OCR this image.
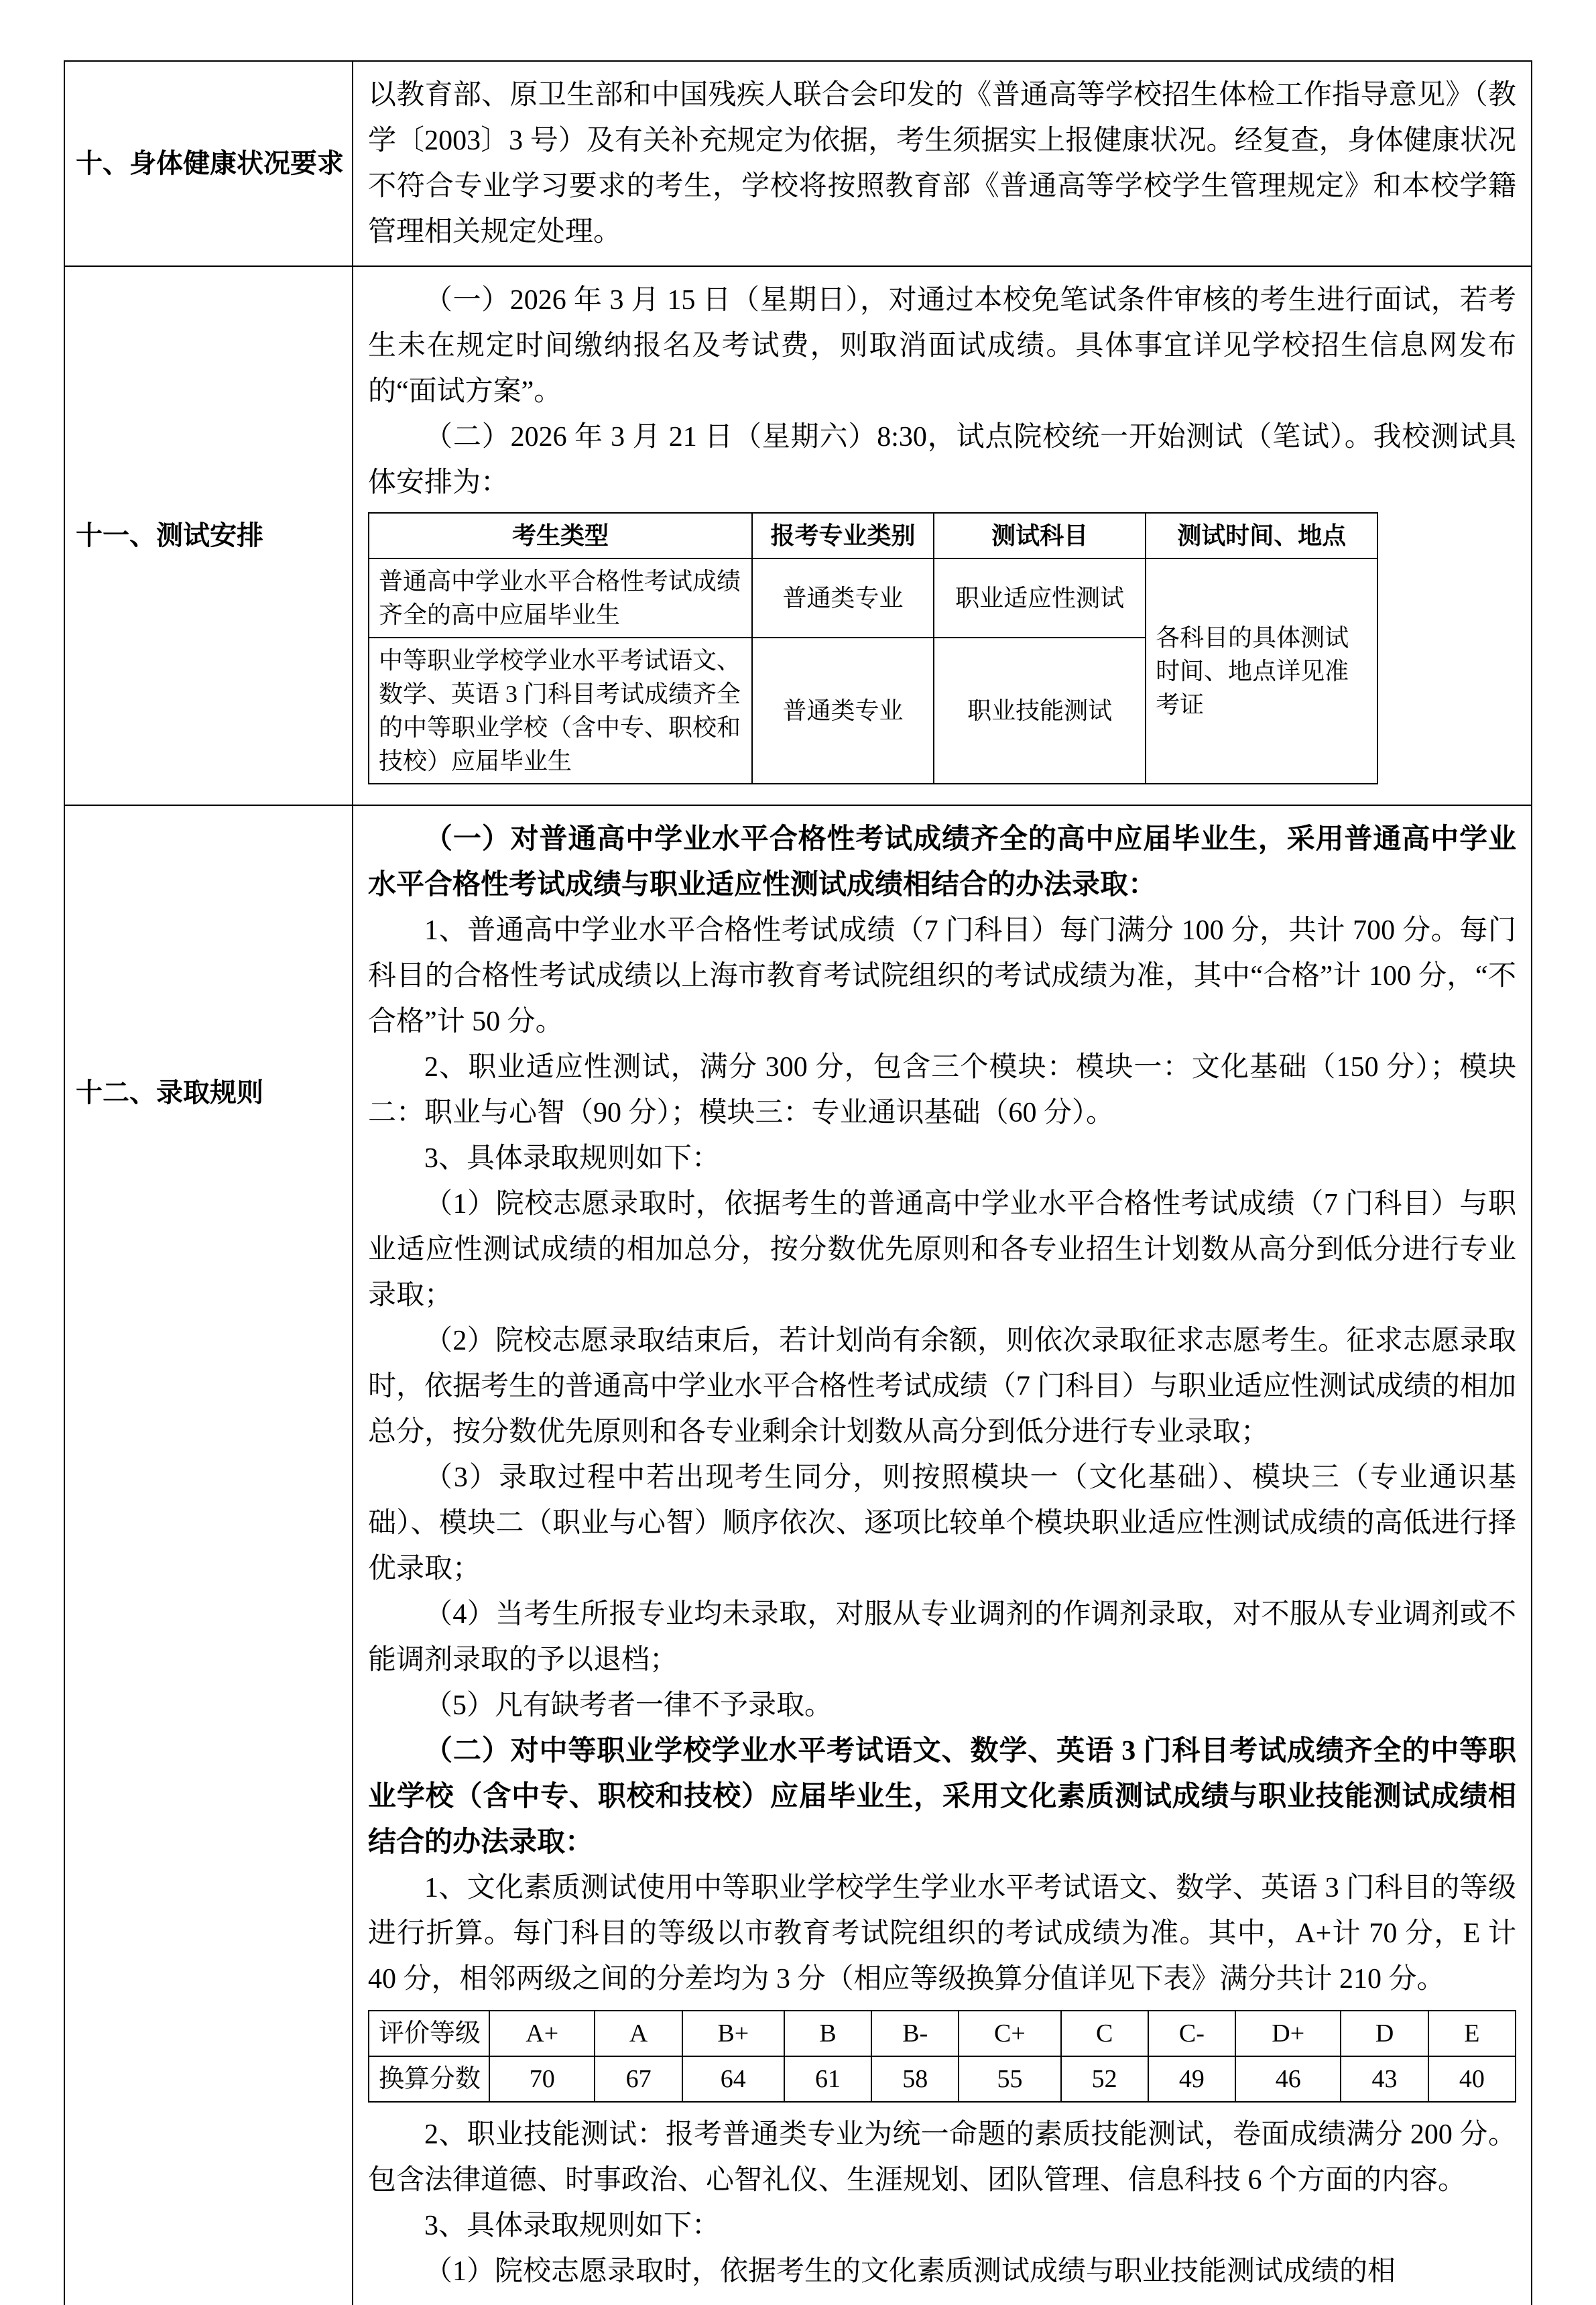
十、身体健康状况要求

以教育部、原卫生部和中国残疾人联合会印发的《普通高等学校招生体检工作指导意见》（教学〔2003〕3 号）及有关补充规定为依据，考生须据实上报健康状况。经复查，身体健康状况不符合专业学习要求的考生，学校将按照教育部《普通高等学校学生管理规定》和本校学籍管理相关规定处理。

十一、测试安排

（一）2026 年 3 月 15 日（星期日），对通过本校免笔试条件审核的考生进行面试，若考生未在规定时间缴纳报名及考试费，则取消面试成绩。具体事宜详见学校招生信息网发布的“面试方案”。

（二）2026 年 3 月 21 日（星期六）8:30，试点院校统一开始测试（笔试）。我校测试具体安排为：

考生类型	报考专业类别	测试科目	测试时间、地点
普通高中学业水平合格性考试成绩齐全的高中应届毕业生	普通类专业	职业适应性测试	各科目的具体测试时间、地点详见准考证
中等职业学校学业水平考试语文、数学、英语 3 门科目考试成绩齐全的中等职业学校（含中专、职校和技校）应届毕业生	普通类专业	职业技能测试	
十二、录取规则

（一）对普通高中学业水平合格性考试成绩齐全的高中应届毕业生，采用普通高中学业水平合格性考试成绩与职业适应性测试成绩相结合的办法录取：

1、普通高中学业水平合格性考试成绩（7 门科目）每门满分 100 分，共计 700 分。每门科目的合格性考试成绩以上海市教育考试院组织的考试成绩为准，其中“合格”计 100 分，“不合格”计 50 分。

2、职业适应性测试，满分 300 分，包含三个模块：模块一：文化基础（150 分）；模块二：职业与心智（90 分）；模块三：专业通识基础（60 分）。

3、具体录取规则如下：

（1）院校志愿录取时，依据考生的普通高中学业水平合格性考试成绩（7 门科目）与职业适应性测试成绩的相加总分，按分数优先原则和各专业招生计划数从高分到低分进行专业录取；

（2）院校志愿录取结束后，若计划尚有余额，则依次录取征求志愿考生。征求志愿录取时，依据考生的普通高中学业水平合格性考试成绩（7 门科目）与职业适应性测试成绩的相加总分，按分数优先原则和各专业剩余计划数从高分到低分进行专业录取；

（3）录取过程中若出现考生同分，则按照模块一（文化基础）、模块三（专业通识基础）、模块二（职业与心智）顺序依次、逐项比较单个模块职业适应性测试成绩的高低进行择优录取；

（4）当考生所报专业均未录取，对服从专业调剂的作调剂录取，对不服从专业调剂或不能调剂录取的予以退档；

（5）凡有缺考者一律不予录取。

（二）对中等职业学校学业水平考试语文、数学、英语 3 门科目考试成绩齐全的中等职业学校（含中专、职校和技校）应届毕业生，采用文化素质测试成绩与职业技能测试成绩相结合的办法录取：

1、文化素质测试使用中等职业学校学生学业水平考试语文、数学、英语 3 门科目的等级进行折算。每门科目的等级以市教育考试院组织的考试成绩为准。其中，A+计 70 分，E 计 40 分，相邻两级之间的分差均为 3 分（相应等级换算分值详见下表》满分共计 210 分。

评价等级	A+	A	B+	B	B-	C+	C	C-	D+	D	E
换算分数	70	67	64	61	58	55	52	49	46	43	40

2、职业技能测试：报考普通类专业为统一命题的素质技能测试，卷面成绩满分 200 分。包含法律道德、时事政治、心智礼仪、生涯规划、团队管理、信息科技 6 个方面的内容。

3、具体录取规则如下：

（1）院校志愿录取时，依据考生的文化素质测试成绩与职业技能测试成绩的相
